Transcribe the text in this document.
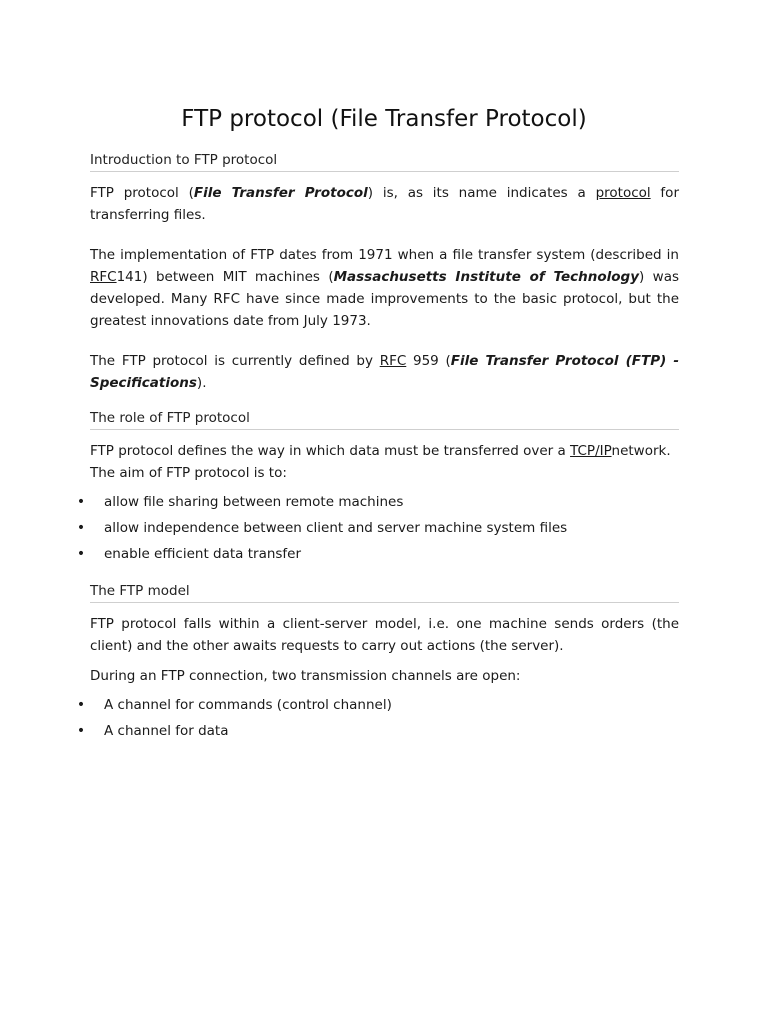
FTP protocol (File Transfer Protocol)
Introduction to FTP protocol

FTP protocol (File Transfer Protocol) is, as its name indicates a protocol for transferring files.

The implementation of FTP dates from 1971 when a file transfer system (described in RFC141) between MIT machines (Massachusetts Institute of Technology) was developed. Many RFC have since made improvements to the basic protocol, but the greatest innovations date from July 1973.

The FTP protocol is currently defined by RFC 959 (File Transfer Protocol (FTP) - Specifications).

The role of FTP protocol

FTP protocol defines the way in which data must be transferred over a TCP/IPnetwork. The aim of FTP protocol is to:

• allow file sharing between remote machines
• allow independence between client and server machine system files
• enable efficient data transfer
The FTP model

FTP protocol falls within a client-server model, i.e. one machine sends orders (the client) and the other awaits requests to carry out actions (the server).

During an FTP connection, two transmission channels are open:

• A channel for commands (control channel)
• A channel for data
